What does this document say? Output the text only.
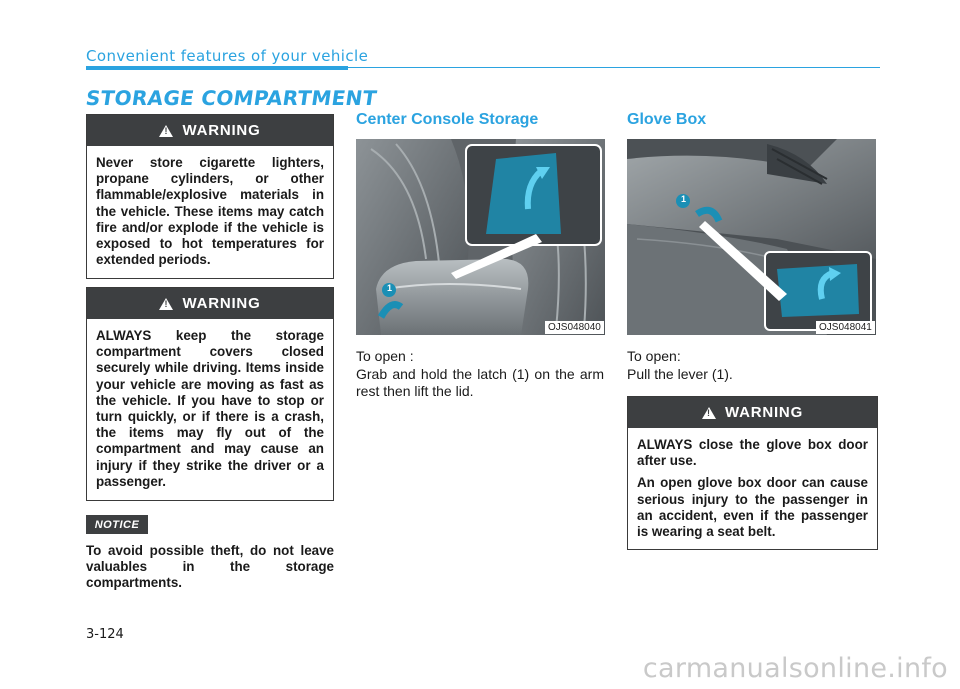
Convenient features of your vehicle
STORAGE COMPARTMENT
!
WARNING

Never store cigarette lighters, propane cylinders, or other flammable/explosive materials in the vehicle. These items may catch fire and/or explode if the vehicle is exposed to hot temperatures for extended periods.

!
WARNING

ALWAYS keep the storage compartment covers closed securely while driving. Items inside your vehicle are moving as fast as the vehicle. If you have to stop or turn quickly, or if there is a crash, the items may fly out of the compartment and may cause an injury if they strike the driver or a passenger.

NOTICE
To avoid possible theft, do not leave valuables in the storage compartments.
Center Console Storage
1
OJS048040
To open :
Grab and hold the latch (1) on the arm rest then lift the lid.
Glove Box
1
OJS048041
To open:
Pull the lever (1).
!
WARNING

ALWAYS close the glove box door after use.

An open glove box door can cause serious injury to the passenger in an accident, even if the passenger is wearing a seat belt.

3-124
carmanualsonline.info
